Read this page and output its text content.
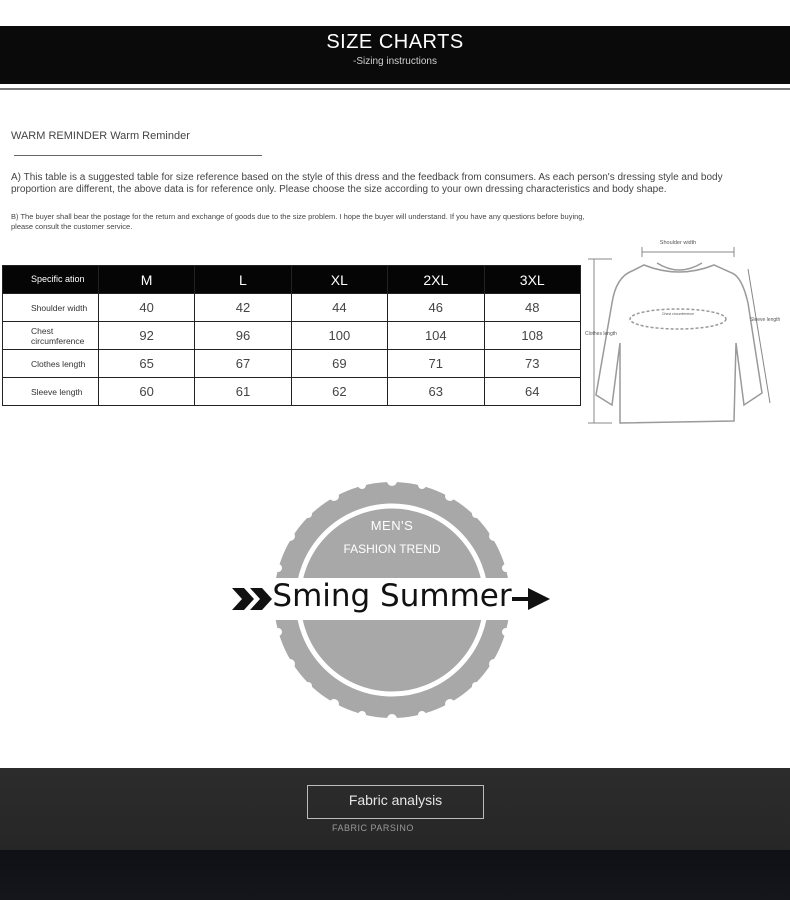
SIZE CHARTS
-Sizing instructions
WARM REMINDER Warm Reminder
A) This table is a suggested table for size reference based on the style of this dress and the feedback from consumers. As each person's dressing style and body proportion are different, the above data is for reference only. Please choose the size according to your own dressing characteristics and body shape.
B) The buyer shall bear the postage for the return and exchange of goods due to the size problem. I hope the buyer will understand. If you have any questions before buying, please consult the customer service.
Specific ation	M	L	XL	2XL	3XL
Shoulder width	40	42	44	46	48
Chest circumference	92	96	100	104	108
Clothes length	65	67	69	71	73
Sleeve length	60	61	62	63	64
Shoulder width
Chest circumference
Clothes length
Sleeve length
MEN'S
FASHION TREND
Sming Summer
Fabric analysis
FABRIC PARSINO
